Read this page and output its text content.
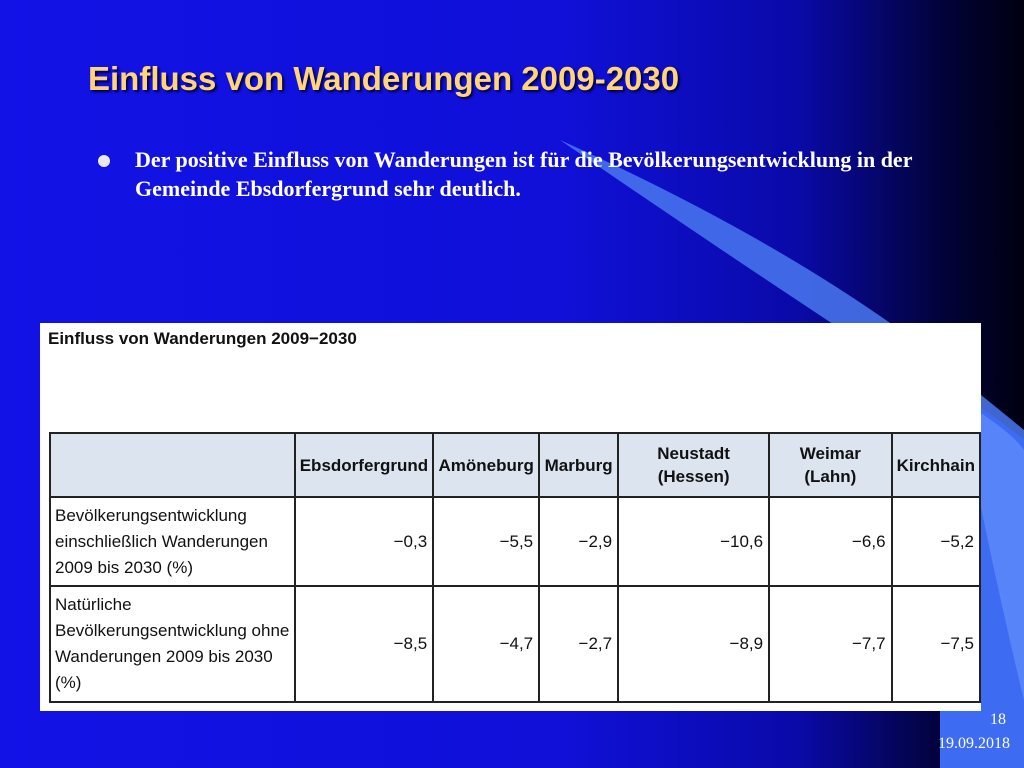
Einfluss von Wanderungen 2009-2030

Der positive Einfluss von Wanderungen ist für die Bevölkerungsentwicklung in der Gemeinde Ebsdorfergrund sehr deutlich.

Einfluss von Wanderungen 2009−2030

	Ebsdorfergrund	Amöneburg	Marburg	Neustadt (Hessen)	Weimar (Lahn)	Kirchhain
Bevölkerungsentwicklung einschließlich Wanderungen 2009 bis 2030 (%)	−0,3	−5,5	−2,9	−10,6	−6,6	−5,2
Natürliche Bevölkerungsentwicklung ohne Wanderungen 2009 bis 2030 (%)	−8,5	−4,7	−2,7	−8,9	−7,7	−7,5
18
19.09.2018
